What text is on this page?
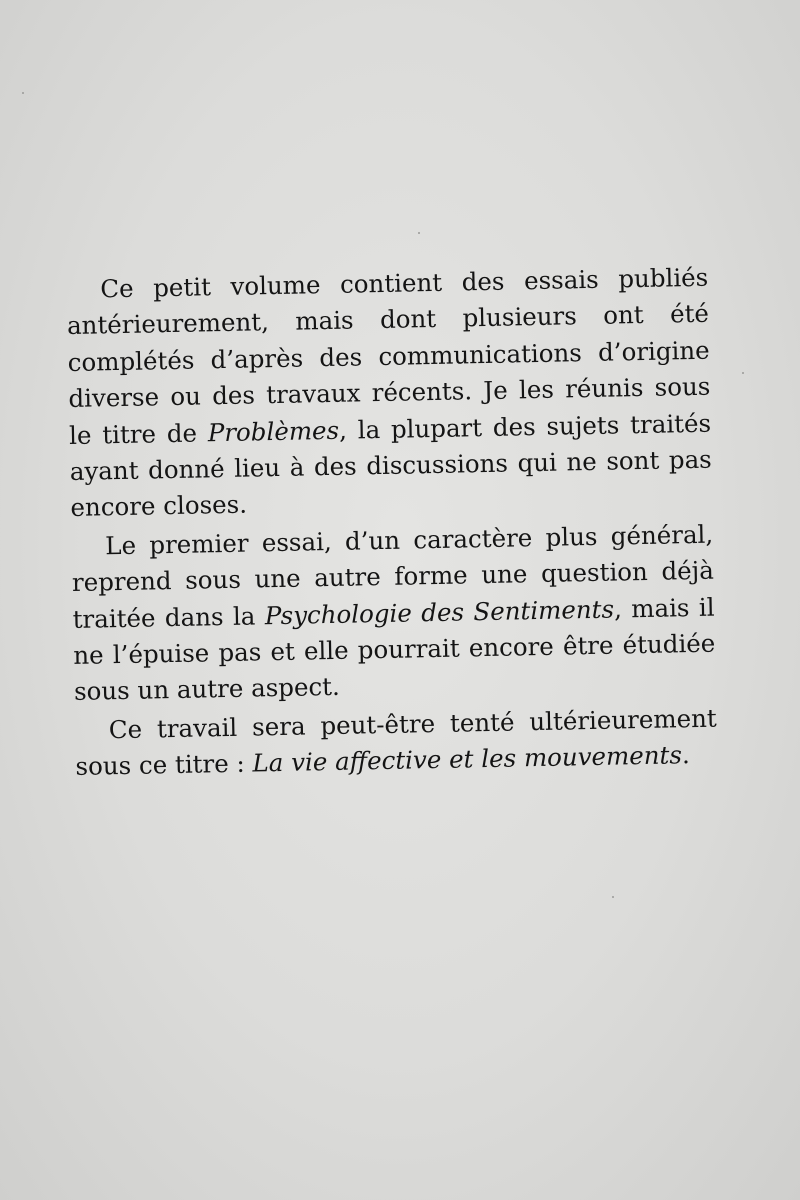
Ce petit volume contient des essais publiés
antérieurement, mais dont plusieurs ont été
complétés d’après des communications d’origine
diverse ou des travaux récents. Je les réunis sous
le titre de Problèmes, la plupart des sujets traités
ayant donné lieu à des discussions qui ne sont pas
encore closes.
Le premier essai, d’un caractère plus général,
reprend sous une autre forme une question déjà
traitée dans la Psychologie des Sentiments, mais il
ne l’épuise pas et elle pourrait encore être étudiée
sous un autre aspect.
Ce travail sera peut-être tenté ultérieurement
sous ce titre : La vie affective et les mouvements.
